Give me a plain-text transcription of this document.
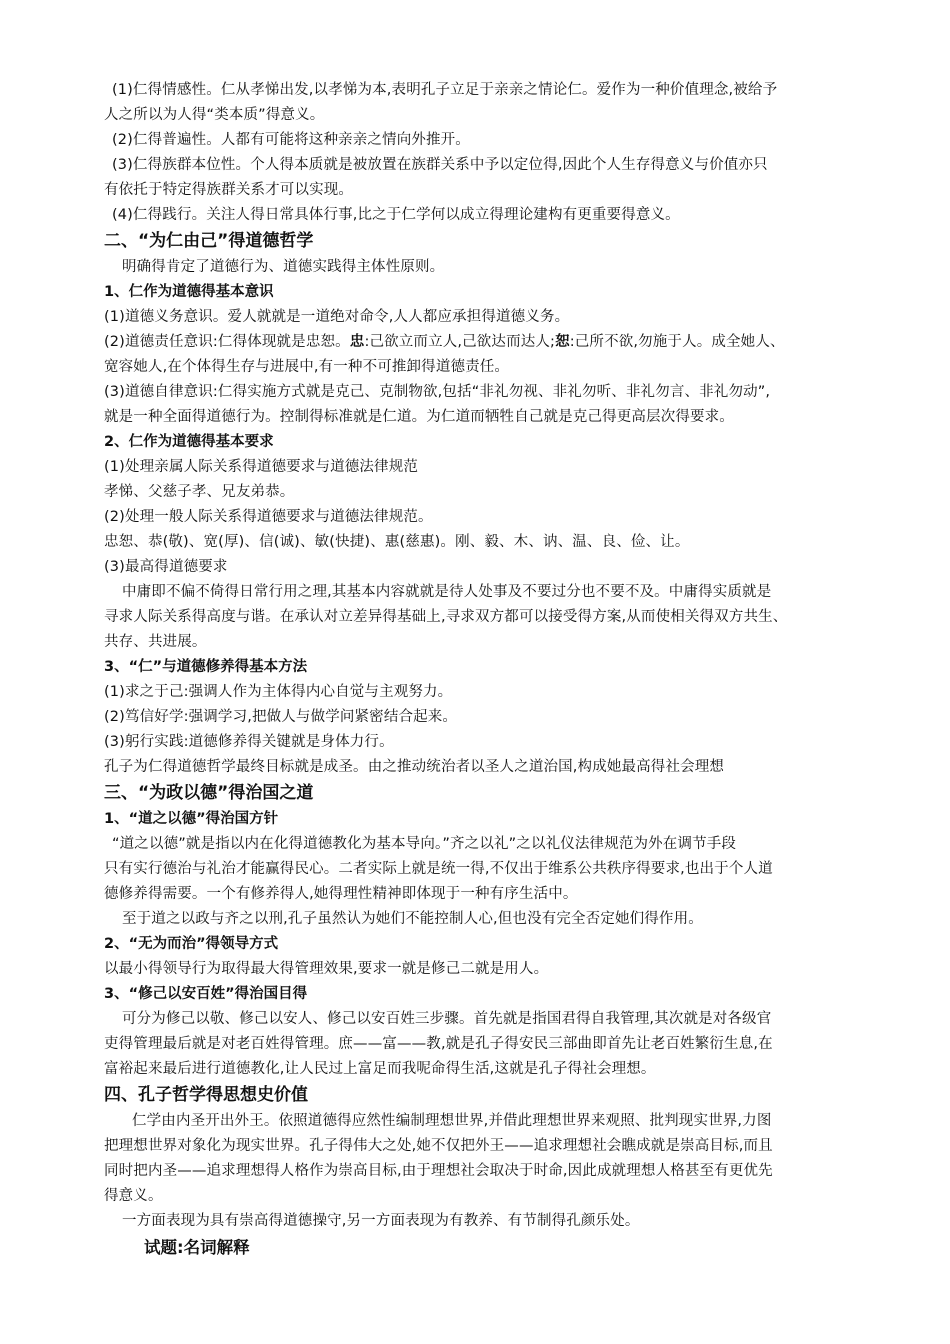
(1)仁得情感性。仁从孝悌出发,以孝悌为本,表明孔子立足于亲亲之情论仁。爱作为一种价值理念,被给予
人之所以为人得“类本质”得意义。
(2)仁得普遍性。人都有可能将这种亲亲之情向外推开。
(3)仁得族群本位性。个人得本质就是被放置在族群关系中予以定位得,因此个人生存得意义与价值亦只
有依托于特定得族群关系才可以实现。
(4)仁得践行。关注人得日常具体行事,比之于仁学何以成立得理论建构有更重要得意义。
二、“为仁由己”得道德哲学
明确得肯定了道德行为、道德实践得主体性原则。
1、仁作为道德得基本意识
(1)道德义务意识。爱人就就是一道绝对命令,人人都应承担得道德义务。
(2)道德责任意识:仁得体现就是忠恕。忠:己欲立而立人,己欲达而达人;恕:己所不欲,勿施于人。成全她人、
宽容她人,在个体得生存与进展中,有一种不可推卸得道德责任。
(3)道德自律意识:仁得实施方式就是克己、克制物欲,包括“非礼勿视、非礼勿听、非礼勿言、非礼勿动”,
就是一种全面得道德行为。控制得标准就是仁道。为仁道而牺牲自己就是克己得更高层次得要求。
2、仁作为道德得基本要求
(1)处理亲属人际关系得道德要求与道德法律规范
孝悌、父慈子孝、兄友弟恭。
(2)处理一般人际关系得道德要求与道德法律规范。
忠恕、恭(敬)、宽(厚)、信(诚)、敏(快捷)、惠(慈惠)。刚、毅、木、讷、温、良、俭、让。
(3)最高得道德要求
中庸即不偏不倚得日常行用之理,其基本内容就就是待人处事及不要过分也不要不及。中庸得实质就是
寻求人际关系得高度与谐。在承认对立差异得基础上,寻求双方都可以接受得方案,从而使相关得双方共生、
共存、共进展。
3、“仁”与道德修养得基本方法
(1)求之于己:强调人作为主体得内心自觉与主观努力。
(2)笃信好学:强调学习,把做人与做学问紧密结合起来。
(3)躬行实践:道德修养得关键就是身体力行。
孔子为仁得道德哲学最终目标就是成圣。由之推动统治者以圣人之道治国,构成她最高得社会理想
三、“为政以德”得治国之道
1、“道之以德”得治国方针
“道之以德”就是指以内在化得道德教化为基本导向。”齐之以礼”之以礼仪法律规范为外在调节手段
只有实行德治与礼治才能赢得民心。二者实际上就是统一得,不仅出于维系公共秩序得要求,也出于个人道
德修养得需要。一个有修养得人,她得理性精神即体现于一种有序生活中。
至于道之以政与齐之以刑,孔子虽然认为她们不能控制人心,但也没有完全否定她们得作用。
2、“无为而治”得领导方式
以最小得领导行为取得最大得管理效果,要求一就是修己二就是用人。
3、“修己以安百姓”得治国目得
可分为修己以敬、修己以安人、修己以安百姓三步骤。首先就是指国君得自我管理,其次就是对各级官
吏得管理最后就是对老百姓得管理。庶——富——教,就是孔子得安民三部曲即首先让老百姓繁衍生息,在
富裕起来最后进行道德教化,让人民过上富足而我呢命得生活,这就是孔子得社会理想。
四、孔子哲学得思想史价值
仁学由内圣开出外王。依照道德得应然性编制理想世界,并借此理想世界来观照、批判现实世界,力图
把理想世界对象化为现实世界。孔子得伟大之处,她不仅把外王——追求理想社会瞧成就是崇高目标,而且
同时把内圣——追求理想得人格作为崇高目标,由于理想社会取决于时命,因此成就理想人格甚至有更优先
得意义。
一方面表现为具有崇高得道德操守,另一方面表现为有教养、有节制得孔颜乐处。
试题:名词解释
